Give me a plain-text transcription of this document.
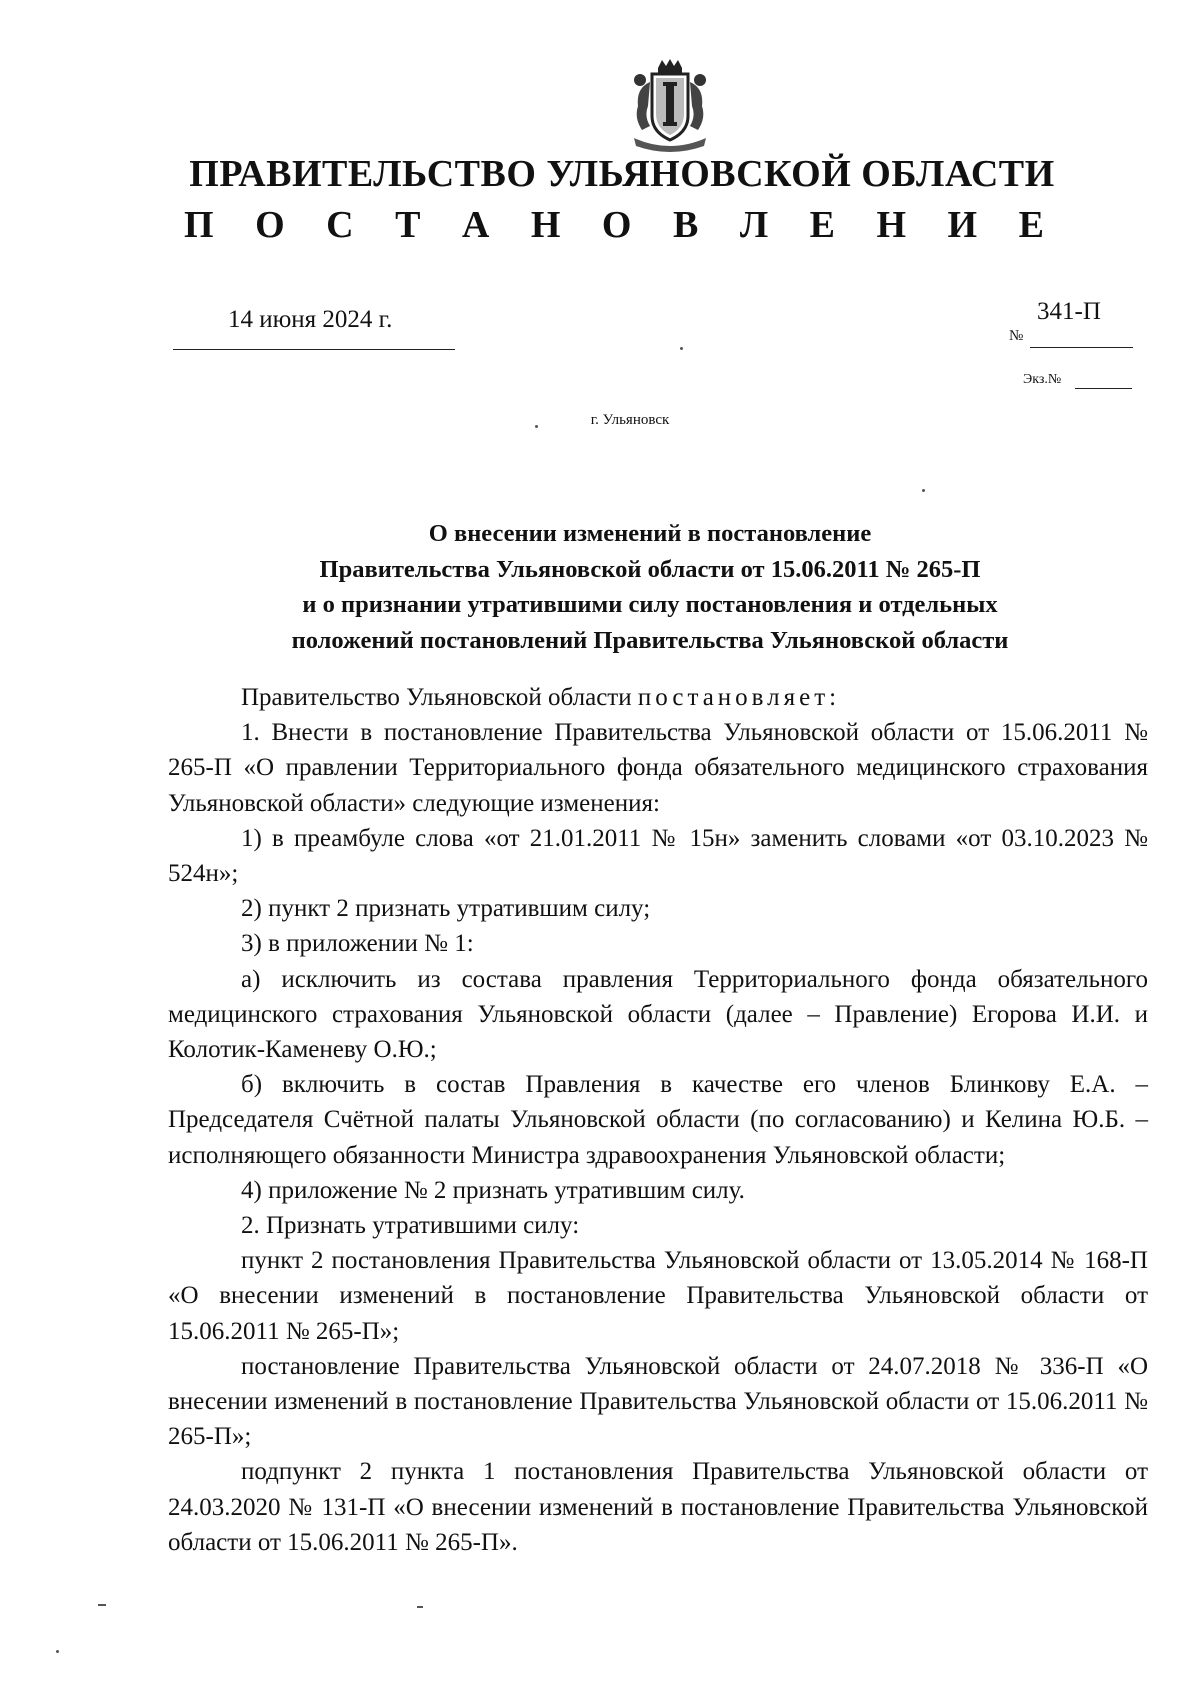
ПРАВИТЕЛЬСТВО УЛЬЯНОВСКОЙ ОБЛАСТИ
П О С Т А Н О В Л Е Н И Е
14 июня 2024 г.	341-П
№
Экз.№
г. Ульяновск
О внесении изменений в постановление
Правительства Ульяновской области от 15.06.2011 № 265-П
и о признании утратившими силу постановления и отдельных
положений постановлений Правительства Ульяновской области

Правительство Ульяновской области постановляет:

1. Внести в постановление Правительства Ульяновской области от 15.06.2011 № 265-П «О правлении Территориального фонда обязательного медицинского страхования Ульяновской области» следующие изменения:

1) в преамбуле слова «от 21.01.2011 № 15н» заменить словами «от 03.10.2023 № 524н»;

2) пункт 2 признать утратившим силу;

3) в приложении № 1:

а) исключить из состава правления Территориального фонда обязательного медицинского страхования Ульяновской области (далее – Правление) Егорова И.И. и Колотик-Каменеву О.Ю.;

б) включить в состав Правления в качестве его членов Блинкову Е.А. – Председателя Счётной палаты Ульяновской области (по согласованию) и Келина Ю.Б. – исполняющего обязанности Министра здравоохранения Ульяновской области;

4) приложение № 2 признать утратившим силу.

2. Признать утратившими силу:

пункт 2 постановления Правительства Ульяновской области от 13.05.2014 № 168-П «О внесении изменений в постановление Правительства Ульяновской области от 15.06.2011 № 265-П»;

постановление Правительства Ульяновской области от 24.07.2018 № 336-П «О внесении изменений в постановление Правительства Ульяновской области от 15.06.2011 № 265-П»;

подпункт 2 пункта 1 постановления Правительства Ульяновской области от 24.03.2020 № 131-П «О внесении изменений в постановление Правительства Ульяновской области от 15.06.2011 № 265-П».
